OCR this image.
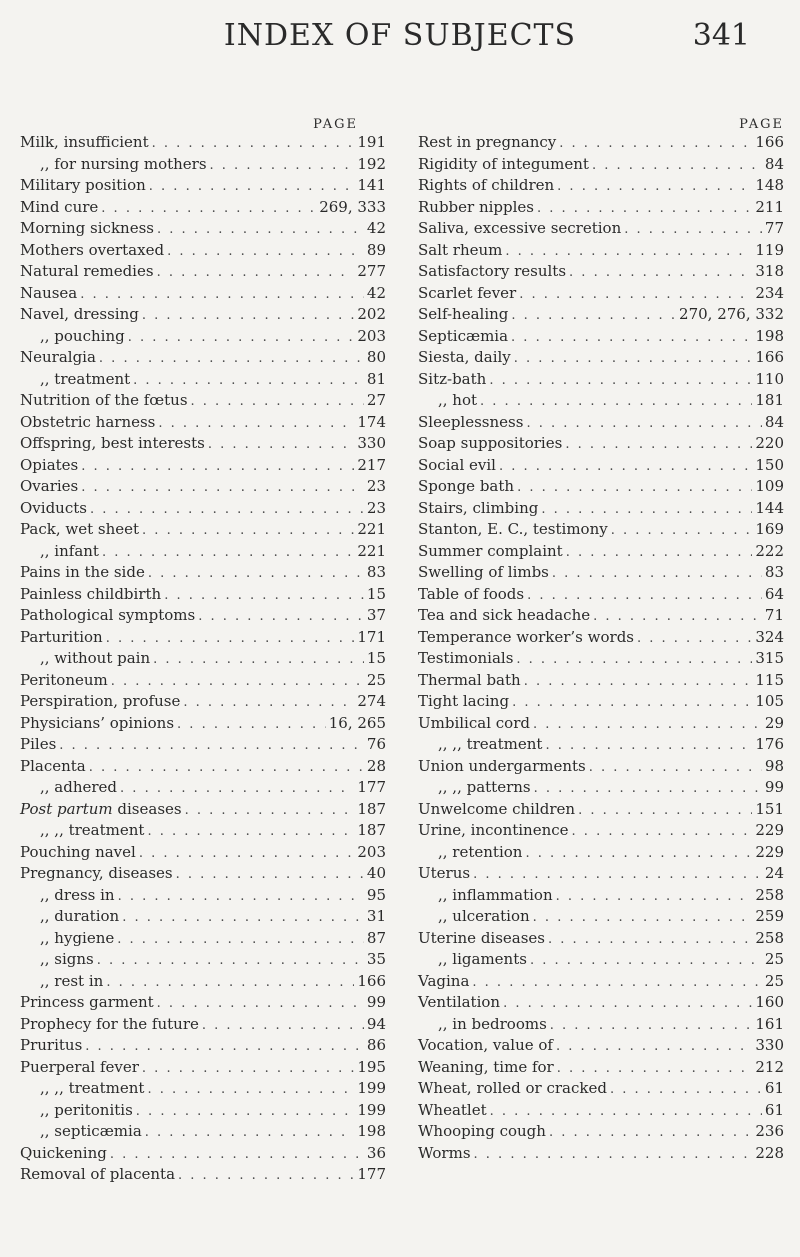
INDEX OF SUBJECTS	341
PAGE
Milk, insufficient . . .	191
,, for nursing mothers . . .	192
Military position . . .	141
Mind cure . . .	269, 333
Morning sickness . . .	42
Mothers overtaxed . . .	89
Natural remedies . . .	277
Nausea . . .	42
Navel, dressing . . .	202
,, pouching . . .	203
Neuralgia . . .	80
,, treatment . . .	81
Nutrition of the fœtus . . .	27
Obstetric harness . . .	174
Offspring, best interests . . .	330
Opiates . . .	217
Ovaries . . .	23
Oviducts . . .	23
Pack, wet sheet . . .	221
,, infant . . .	221
Pains in the side . . .	83
Painless childbirth . . .	15
Pathological symptoms . . .	37
Parturition . . .	171
,, without pain . . .	15
Peritoneum . . .	25
Perspiration, profuse . . .	274
Physicians’ opinions . . .	16, 265
Piles . . .	76
Placenta . . .	28
,, adhered . . .	177
Post partum diseases . . .	187
,, ,, treatment . . .	187
Pouching navel . . .	203
Pregnancy, diseases . . .	40
,, dress in . . .	95
,, duration . . .	31
,, hygiene . . .	87
,, signs . . .	35
,, rest in . . .	166
Princess garment . . .	99
Prophecy for the future . . .	94
Pruritus . . .	86
Puerperal fever . . .	195
,, ,, treatment . . .	199
,, peritonitis . . .	199
,, septicæmia . . .	198
Quickening . . .	36
Removal of placenta . . .	177
PAGE
Rest in pregnancy . . .	166
Rigidity of integument . . .	84
Rights of children . . .	148
Rubber nipples . . .	211
Saliva, excessive secretion . . .	77
Salt rheum . . .	119
Satisfactory results . . .	318
Scarlet fever . . .	234
Self-healing . . .	270, 276, 332
Septicæmia . . .	198
Siesta, daily . . .	166
Sitz-bath . . .	110
,, hot . . .	181
Sleeplessness . . .	84
Soap suppositories . . .	220
Social evil . . .	150
Sponge bath . . .	109
Stairs, climbing . . .	144
Stanton, E. C., testimony . . .	169
Summer complaint . . .	222
Swelling of limbs . . .	83
Table of foods . . .	64
Tea and sick headache . . .	71
Temperance worker’s words . . .	324
Testimonials . . .	315
Thermal bath . . .	115
Tight lacing . . .	105
Umbilical cord . . .	29
,, ,, treatment . . .	176
Union undergarments . . .	98
,, ,, patterns . . .	99
Unwelcome children . . .	151
Urine, incontinence . . .	229
,, retention . . .	229
Uterus . . .	24
,, inflammation . . .	258
,, ulceration . . .	259
Uterine diseases . . .	258
,, ligaments . . .	25
Vagina . . .	25
Ventilation . . .	160
,, in bedrooms . . .	161
Vocation, value of . . .	330
Weaning, time for . . .	212
Wheat, rolled or cracked . . .	61
Wheatlet . . .	61
Whooping cough . . .	236
Worms . . .	228
